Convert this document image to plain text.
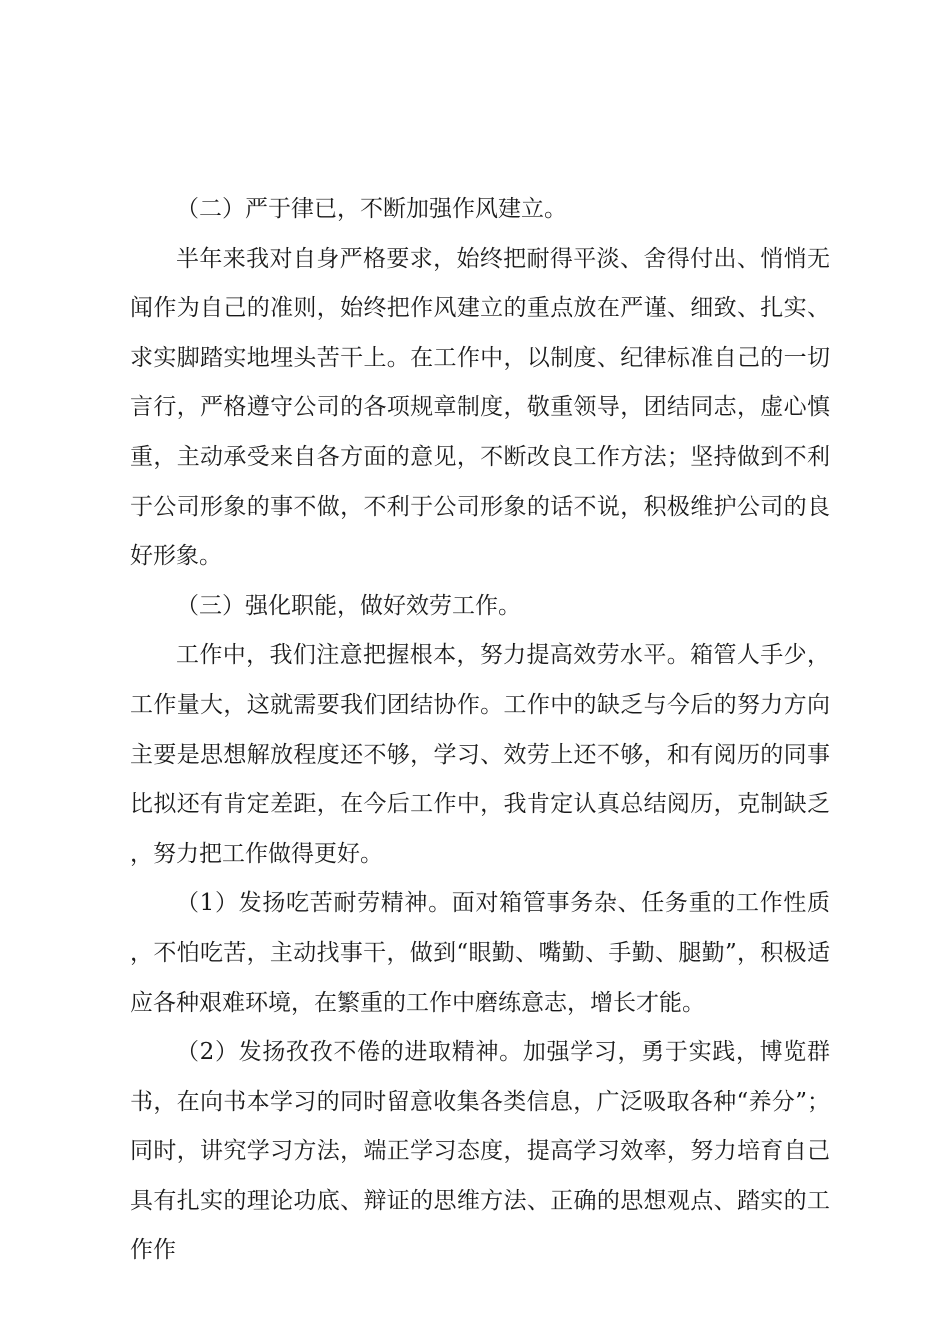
（二）严于律已，不断加强作风建立。

半年来我对自身严格要求，始终把耐得平淡、舍得付出、悄悄无闻作为自己的准则，始终把作风建立的重点放在严谨、细致、扎实、求实脚踏实地埋头苦干上。在工作中，以制度、纪律标准自己的一切言行，严格遵守公司的各项规章制度，敬重领导，团结同志，虚心慎重，主动承受来自各方面的意见，不断改良工作方法；坚持做到不利于公司形象的事不做，不利于公司形象的话不说，积极维护公司的良好形象。

（三）强化职能，做好效劳工作。

工作中，我们注意把握根本，努力提高效劳水平。箱管人手少，工作量大，这就需要我们团结协作。工作中的缺乏与今后的努力方向主要是思想解放程度还不够，学习、效劳上还不够，和有阅历的同事比拟还有肯定差距，在今后工作中，我肯定认真总结阅历，克制缺乏，努力把工作做得更好。

（1）发扬吃苦耐劳精神。面对箱管事务杂、任务重的工作性质，不怕吃苦，主动找事干，做到“眼勤、嘴勤、手勤、腿勤”，积极适应各种艰难环境，在繁重的工作中磨练意志，增长才能。

（2）发扬孜孜不倦的进取精神。加强学习，勇于实践，博览群书，在向书本学习的同时留意收集各类信息，广泛吸取各种“养分”；同时，讲究学习方法，端正学习态度，提高学习效率，努力培育自己具有扎实的理论功底、辩证的思维方法、正确的思想观点、踏实的工作作
